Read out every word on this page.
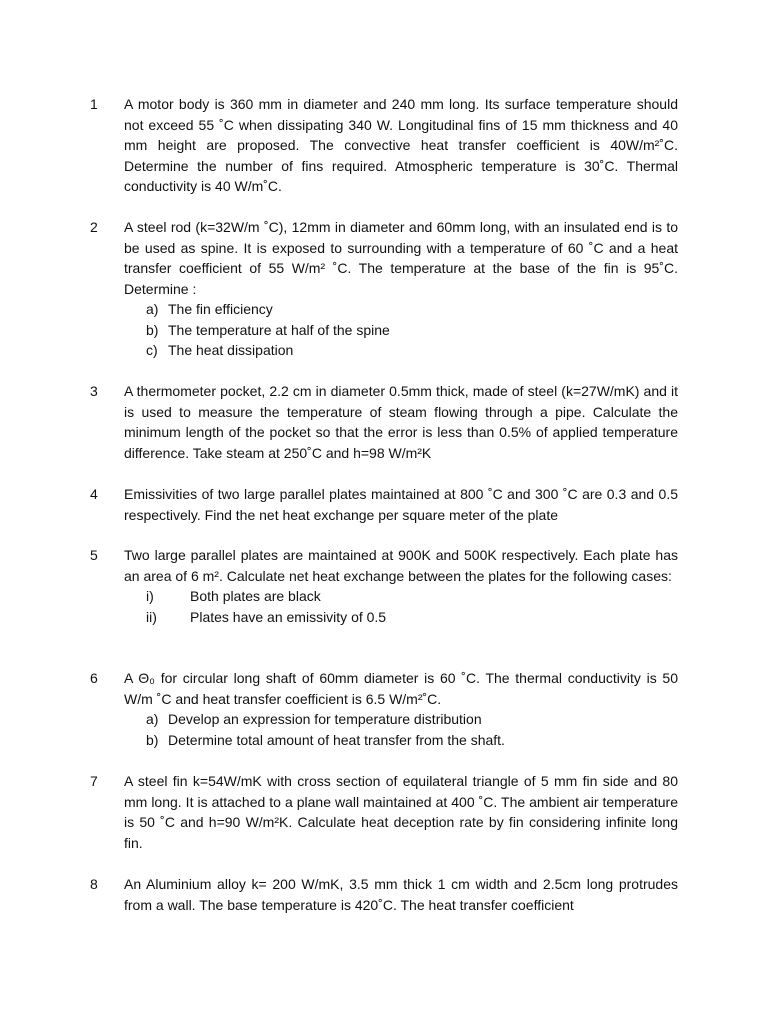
1	A motor body is 360 mm in diameter and 240 mm long. Its surface temperature should not exceed 55 ˚C when dissipating 340 W. Longitudinal fins of 15 mm thickness and 40 mm height are proposed. The convective heat transfer coefficient is 40W/m²˚C. Determine the number of fins required. Atmospheric temperature is 30˚C. Thermal conductivity is 40 W/m˚C.

2	A steel rod (k=32W/m ˚C), 12mm in diameter and 60mm long, with an insulated end is to be used as spine. It is exposed to surrounding with a temperature of 60 ˚C and a heat transfer coefficient of 55 W/m² ˚C. The temperature at the base of the fin is 95˚C. Determine :

a) The fin efficiency

b) The temperature at half of the spine

c) The heat dissipation

3	A thermometer pocket, 2.2 cm in diameter 0.5mm thick, made of steel (k=27W/mK) and it is used to measure the temperature of steam flowing through a pipe. Calculate the minimum length of the pocket so that the error is less than 0.5% of applied temperature difference. Take steam at 250˚C and h=98 W/m²K

4	Emissivities of two large parallel plates maintained at 800 ˚C and 300 ˚C are 0.3 and 0.5 respectively. Find the net heat exchange per square meter of the plate

5	Two large parallel plates are maintained at 900K and 500K respectively. Each plate has an area of 6 m². Calculate net heat exchange between the plates for the following cases:

i)	Both plates are black

ii)	Plates have an emissivity of 0.5

6	A Θ₀ for circular long shaft of 60mm diameter is 60 ˚C. The thermal conductivity is 50 W/m ˚C and heat transfer coefficient is 6.5 W/m²˚C.

a) Develop an expression for temperature distribution

b) Determine total amount of heat transfer from the shaft.

7	A steel fin k=54W/mK with cross section of equilateral triangle of 5 mm fin side and 80 mm long. It is attached to a plane wall maintained at 400 ˚C. The ambient air temperature is 50 ˚C and h=90 W/m²K. Calculate heat deception rate by fin considering infinite long fin.

8	An Aluminium alloy k= 200 W/mK, 3.5 mm thick 1 cm width and 2.5cm long protrudes from a wall. The base temperature is 420˚C. The heat transfer coefficient
